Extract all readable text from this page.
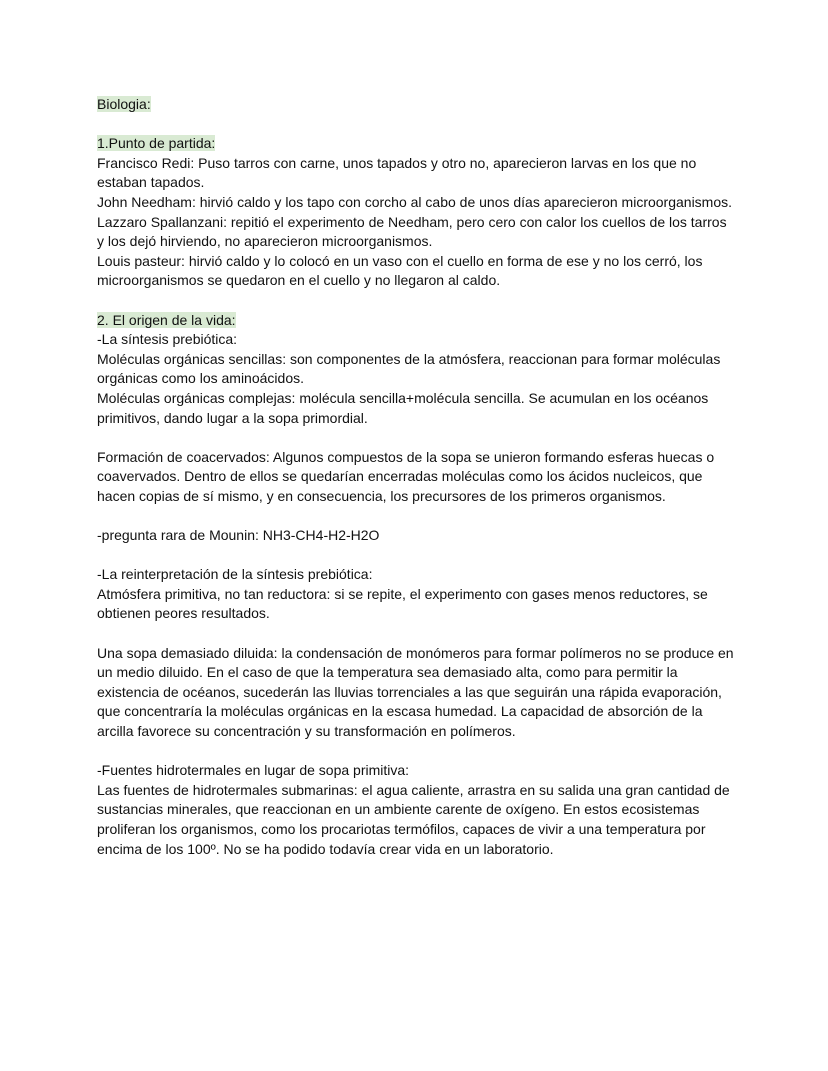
Biologia:

1.Punto de partida:

Francisco Redi: Puso tarros con carne, unos tapados y otro no, aparecieron larvas en los que no estaban tapados.

John Needham: hirvió caldo y los tapo con corcho al cabo de unos días aparecieron microorganismos.

Lazzaro Spallanzani: repitió el experimento de Needham, pero cero con calor los cuellos de los tarros y los dejó hirviendo, no aparecieron microorganismos.

Louis pasteur: hirvió caldo y lo colocó en un vaso con el cuello en forma de ese y no los cerró, los microorganismos se quedaron en el cuello y no llegaron al caldo.

2. El origen de la vida:

-La síntesis prebiótica:

Moléculas orgánicas sencillas: son componentes de la atmósfera, reaccionan para formar moléculas orgánicas como los aminoácidos.

Moléculas orgánicas complejas: molécula sencilla+molécula sencilla. Se acumulan en los océanos primitivos, dando lugar a la sopa primordial.

Formación de coacervados: Algunos compuestos de la sopa se unieron formando esferas huecas o coavervados. Dentro de ellos se quedarían encerradas moléculas como los ácidos nucleicos, que hacen copias de sí mismo, y en consecuencia, los precursores de los primeros organismos.

-pregunta rara de Mounin: NH3-CH4-H2-H2O

-La reinterpretación de la síntesis prebiótica:

Atmósfera primitiva, no tan reductora: si se repite, el experimento con gases menos reductores, se obtienen peores resultados.

Una sopa demasiado diluida: la condensación de monómeros para formar polímeros no se produce en un medio diluido. En el caso de que la temperatura sea demasiado alta, como para permitir la existencia de océanos, sucederán las lluvias torrenciales a las que seguirán una rápida evaporación, que concentraría la moléculas orgánicas en la escasa humedad. La capacidad de absorción de la arcilla favorece su concentración y su transformación en polímeros.

-Fuentes hidrotermales en lugar de sopa primitiva:

Las fuentes de hidrotermales submarinas: el agua caliente, arrastra en su salida una gran cantidad de sustancias minerales, que reaccionan en un ambiente carente de oxígeno. En estos ecosistemas proliferan los organismos, como los procariotas termófilos, capaces de vivir a una temperatura por encima de los 100º. No se ha podido todavía crear vida en un laboratorio.
